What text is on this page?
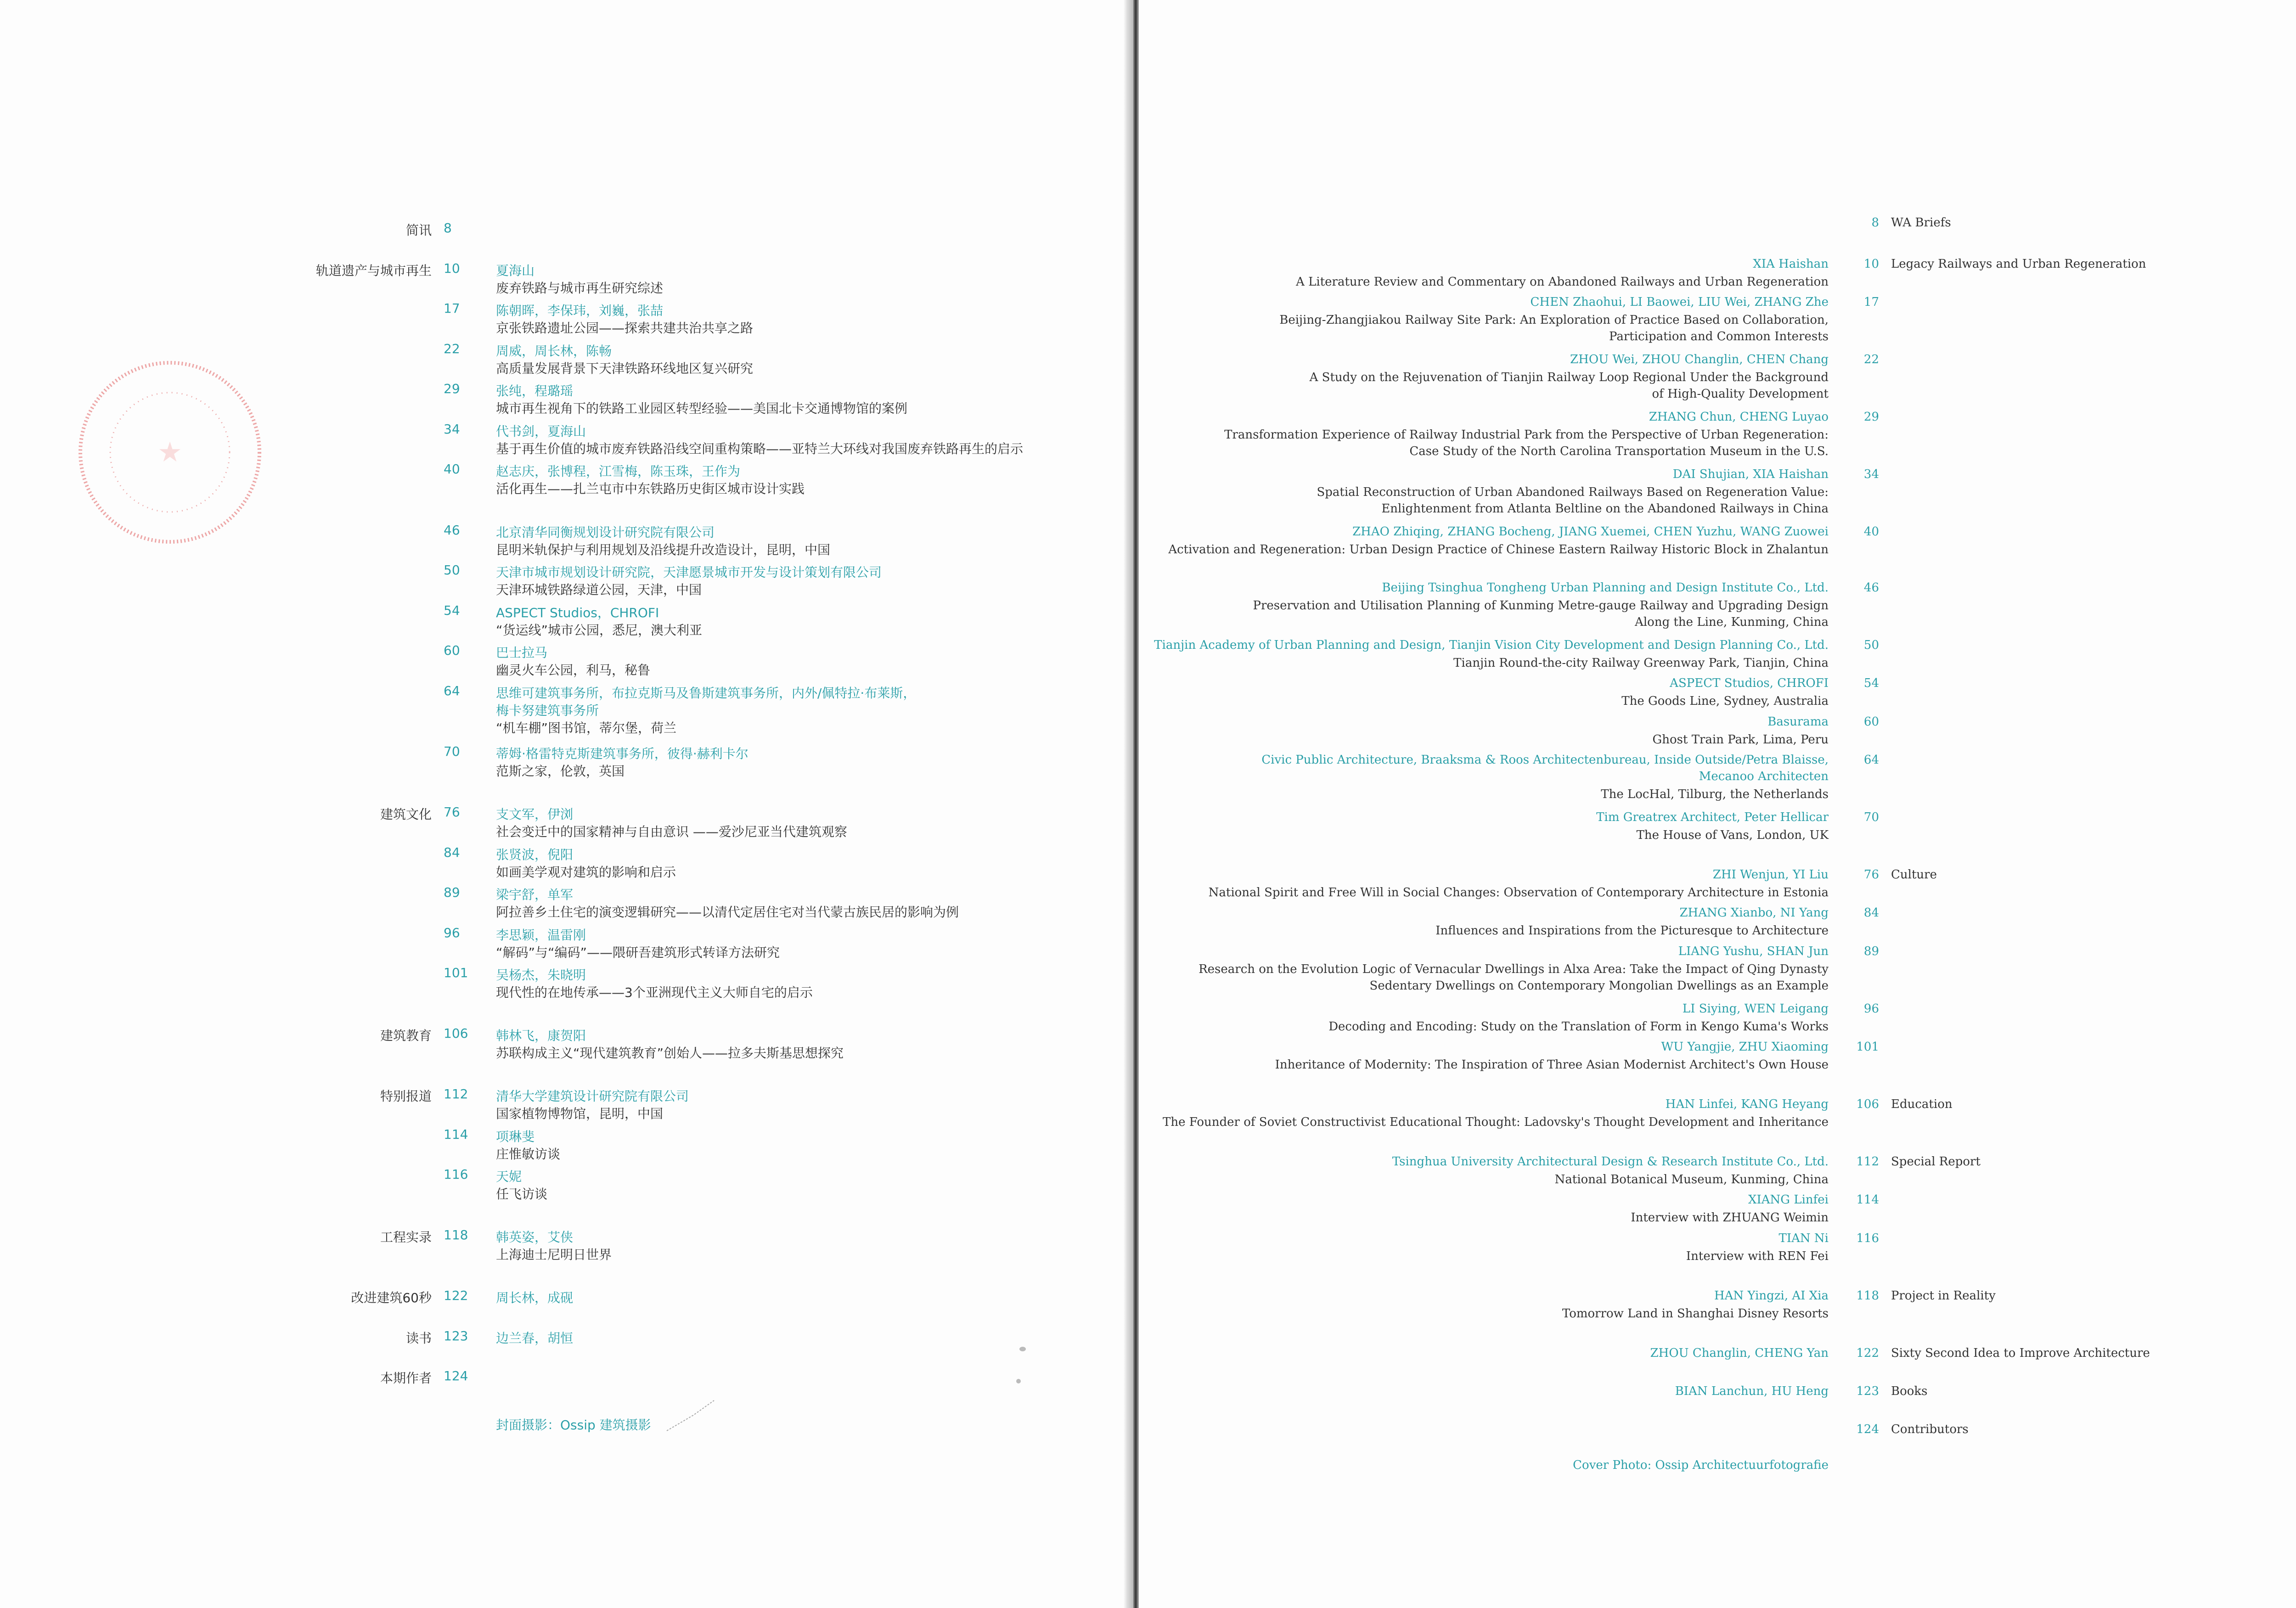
★
简讯 8
轨道遗产与城市再生 10	夏海山
废弃铁路与城市再生研究综述
17	陈朝晖，李保玮，刘巍，张喆
京张铁路遗址公园——探索共建共治共享之路
22	周威，周长林，陈畅
高质量发展背景下天津铁路环线地区复兴研究
29	张纯，程璐瑶
城市再生视角下的铁路工业园区转型经验——美国北卡交通博物馆的案例
34	代书剑，夏海山
基于再生价值的城市废弃铁路沿线空间重构策略——亚特兰大环线对我国废弃铁路再生的启示
40	赵志庆，张博程，江雪梅，陈玉珠，王作为
活化再生——扎兰屯市中东铁路历史街区城市设计实践
46	北京清华同衡规划设计研究院有限公司
昆明米轨保护与利用规划及沿线提升改造设计，昆明，中国
50	天津市城市规划设计研究院，天津愿景城市开发与设计策划有限公司
天津环城铁路绿道公园，天津，中国
54	ASPECT Studios，CHROFI
“货运线”城市公园，悉尼，澳大利亚
60	巴士拉马
幽灵火车公园，利马，秘鲁
64	思维可建筑事务所，布拉克斯马及鲁斯建筑事务所，内外/佩特拉·布莱斯，
梅卡努建筑事务所
“机车棚”图书馆，蒂尔堡，荷兰
70	蒂姆·格雷特克斯建筑事务所，彼得·赫利卡尔
范斯之家，伦敦，英国
建筑文化 76	支文军，伊浏
社会变迁中的国家精神与自由意识 ——爱沙尼亚当代建筑观察
84	张贤波，倪阳
如画美学观对建筑的影响和启示
89	梁宇舒，单军
阿拉善乡土住宅的演变逻辑研究——以清代定居住宅对当代蒙古族民居的影响为例
96	李思颖，温雷刚
“解码”与“编码”——隈研吾建筑形式转译方法研究
101	吴杨杰，朱晓明
现代性的在地传承——3个亚洲现代主义大师自宅的启示
建筑教育 106	韩林飞，康贺阳
苏联构成主义“现代建筑教育”创始人——拉多夫斯基思想探究
特别报道 112	清华大学建筑设计研究院有限公司
国家植物博物馆，昆明，中国
114	项琳斐
庄惟敏访谈
116	天妮
任飞访谈
工程实录 118	韩英姿，艾侠
上海迪士尼明日世界
改进建筑60秒 122	周长林，成砚
读书 123	边兰春，胡恒
本期作者 124
封面摄影：Ossip 建筑摄影
8 WA Briefs
10 Legacy Railways and Urban Regeneration
XIA Haishan
A Literature Review and Commentary on Abandoned Railways and Urban Regeneration
17
CHEN Zhaohui, LI Baowei, LIU Wei, ZHANG Zhe
Beijing-Zhangjiakou Railway Site Park: An Exploration of Practice Based on Collaboration,
Participation and Common Interests
22
ZHOU Wei, ZHOU Changlin, CHEN Chang
A Study on the Rejuvenation of Tianjin Railway Loop Regional Under the Background
of High-Quality Development
29
ZHANG Chun, CHENG Luyao
Transformation Experience of Railway Industrial Park from the Perspective of Urban Regeneration:
Case Study of the North Carolina Transportation Museum in the U.S.
34
DAI Shujian, XIA Haishan
Spatial Reconstruction of Urban Abandoned Railways Based on Regeneration Value:
Enlightenment from Atlanta Beltline on the Abandoned Railways in China
40
ZHAO Zhiqing, ZHANG Bocheng, JIANG Xuemei, CHEN Yuzhu, WANG Zuowei
Activation and Regeneration: Urban Design Practice of Chinese Eastern Railway Historic Block in Zhalantun
46
Beijing Tsinghua Tongheng Urban Planning and Design Institute Co., Ltd.
Preservation and Utilisation Planning of Kunming Metre-gauge Railway and Upgrading Design
Along the Line, Kunming, China
50
Tianjin Academy of Urban Planning and Design, Tianjin Vision City Development and Design Planning Co., Ltd.
Tianjin Round-the-city Railway Greenway Park, Tianjin, China
54
ASPECT Studios, CHROFI
The Goods Line, Sydney, Australia
60
Basurama
Ghost Train Park, Lima, Peru
64
Civic Public Architecture, Braaksma & Roos Architectenbureau, Inside Outside/Petra Blaisse,
Mecanoo Architecten
The LocHal, Tilburg, the Netherlands
70
Tim Greatrex Architect, Peter Hellicar
The House of Vans, London, UK
76 Culture
ZHI Wenjun, YI Liu
National Spirit and Free Will in Social Changes: Observation of Contemporary Architecture in Estonia
84
ZHANG Xianbo, NI Yang
Influences and Inspirations from the Picturesque to Architecture
89
LIANG Yushu, SHAN Jun
Research on the Evolution Logic of Vernacular Dwellings in Alxa Area: Take the Impact of Qing Dynasty
Sedentary Dwellings on Contemporary Mongolian Dwellings as an Example
96
LI Siying, WEN Leigang
Decoding and Encoding: Study on the Translation of Form in Kengo Kuma's Works
101
WU Yangjie, ZHU Xiaoming
Inheritance of Modernity: The Inspiration of Three Asian Modernist Architect's Own House
106 Education
HAN Linfei, KANG Heyang
The Founder of Soviet Constructivist Educational Thought: Ladovsky's Thought Development and Inheritance
112 Special Report
Tsinghua University Architectural Design & Research Institute Co., Ltd.
National Botanical Museum, Kunming, China
114
XIANG Linfei
Interview with ZHUANG Weimin
116
TIAN Ni
Interview with REN Fei
118 Project in Reality
HAN Yingzi, AI Xia
Tomorrow Land in Shanghai Disney Resorts
122 Sixty Second Idea to Improve Architecture
ZHOU Changlin, CHENG Yan
123 Books
BIAN Lanchun, HU Heng
124 Contributors
Cover Photo: Ossip Architectuurfotografie
